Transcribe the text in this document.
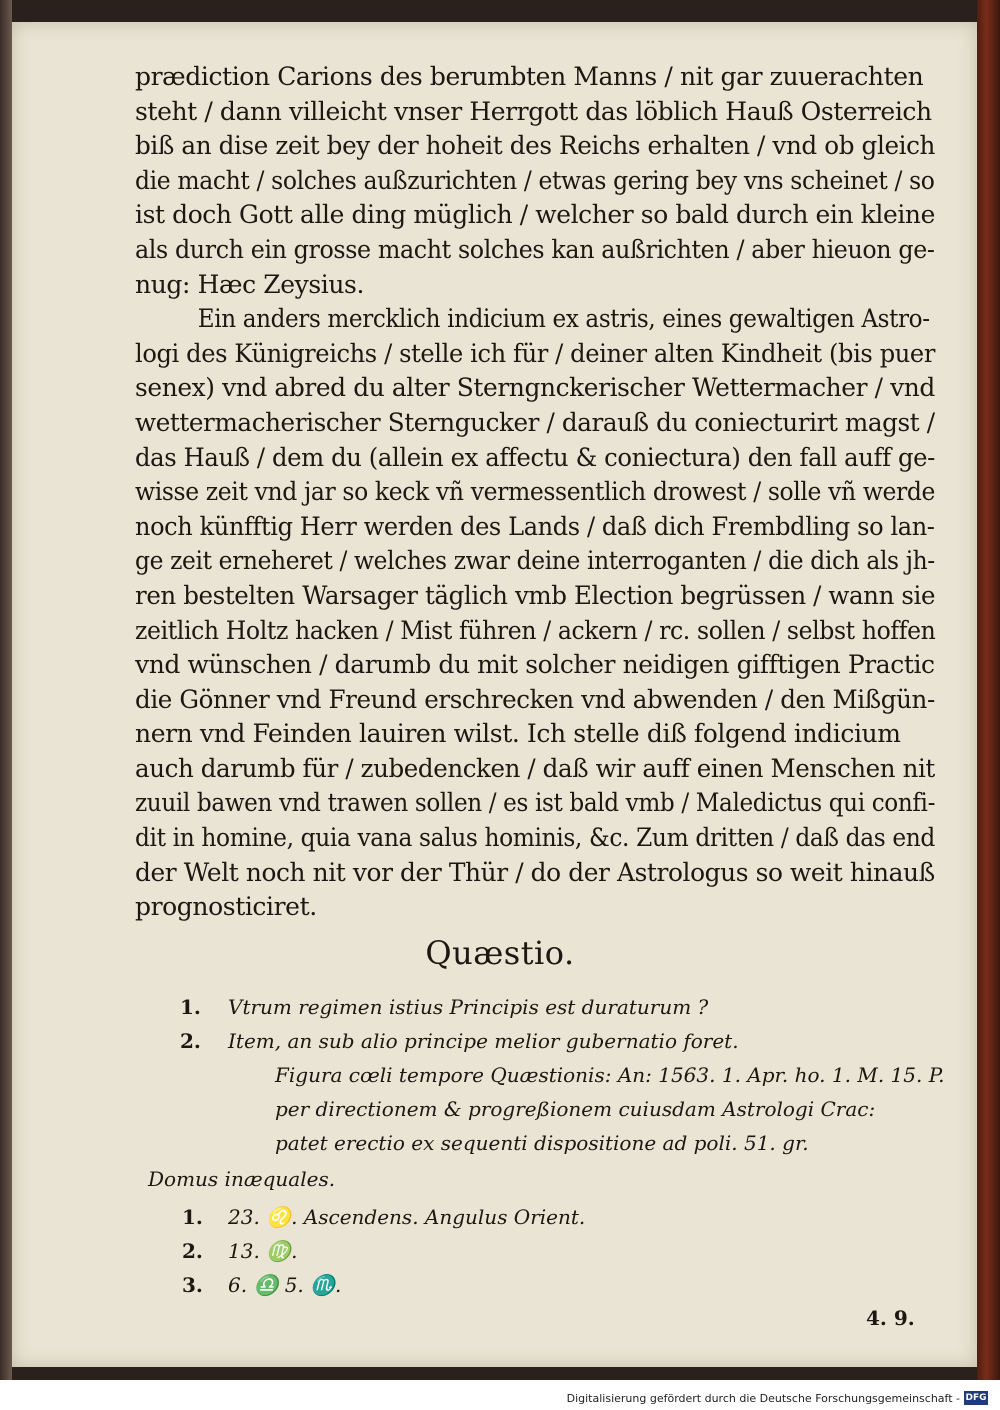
prædiction Carions des berumbten Manns / nit gar zuuerachten
steht / dann villeicht vnser Herrgott das löblich Hauß Osterreich
biß an dise zeit bey der hoheit des Reichs erhalten / vnd ob gleich
die macht / solches außzurichten / etwas gering bey vns scheinet / so
ist doch Gott alle ding müglich / welcher so bald durch ein kleine
als durch ein grosse macht solches kan außrichten / aber hieuon ge-
nug: Hæc Zeysius.
Ein anders mercklich indicium ex astris, eines gewaltigen Astro-
logi des Künigreichs / stelle ich für / deiner alten Kindheit (bis puer
senex) vnd abred du alter Sterngnckerischer Wettermacher / vnd
wettermacherischer Sterngucker / darauß du coniecturirt magst /
das Hauß / dem du (allein ex affectu & coniectura) den fall auff ge-
wisse zeit vnd jar so keck vñ vermessentlich drowest / solle vñ werde
noch künfftig Herr werden des Lands / daß dich Frembdling so lan-
ge zeit erneheret / welches zwar deine interroganten / die dich als jh-
ren bestelten Warsager täglich vmb Election begrüssen / wann sie
zeitlich Holtz hacken / Mist führen / ackern / rc. sollen / selbst hoffen
vnd wünschen / darumb du mit solcher neidigen gifftigen Practic
die Gönner vnd Freund erschrecken vnd abwenden / den Mißgün-
nern vnd Feinden lauiren wilst. Ich stelle diß folgend indicium
auch darumb für / zubedencken / daß wir auff einen Menschen nit
zuuil bawen vnd trawen sollen / es ist bald vmb / Maledictus qui confi-
dit in homine, quia vana salus hominis, &c. Zum dritten / daß das end
der Welt noch nit vor der Thür / do der Astrologus so weit hinauß
prognosticiret.
Quæstio.
1. Vtrum regimen istius Principis est duraturum ?
2. Item, an sub alio principe melior gubernatio foret.
Figura cœli tempore Quæstionis: An: 1563. 1. Apr. ho. 1. M. 15. P.
per directionem & progreßionem cuiusdam Astrologi Crac:
patet erectio ex sequenti dispositione ad poli. 51. gr.
Domus inæquales.
1. 23. ♌. Ascendens. Angulus Orient.
2. 13. ♍.
3. 6. ♎ 5. ♏.
4. 9.
Digitalisierung gefördert durch die Deutsche Forschungsgemeinschaft - DFG
